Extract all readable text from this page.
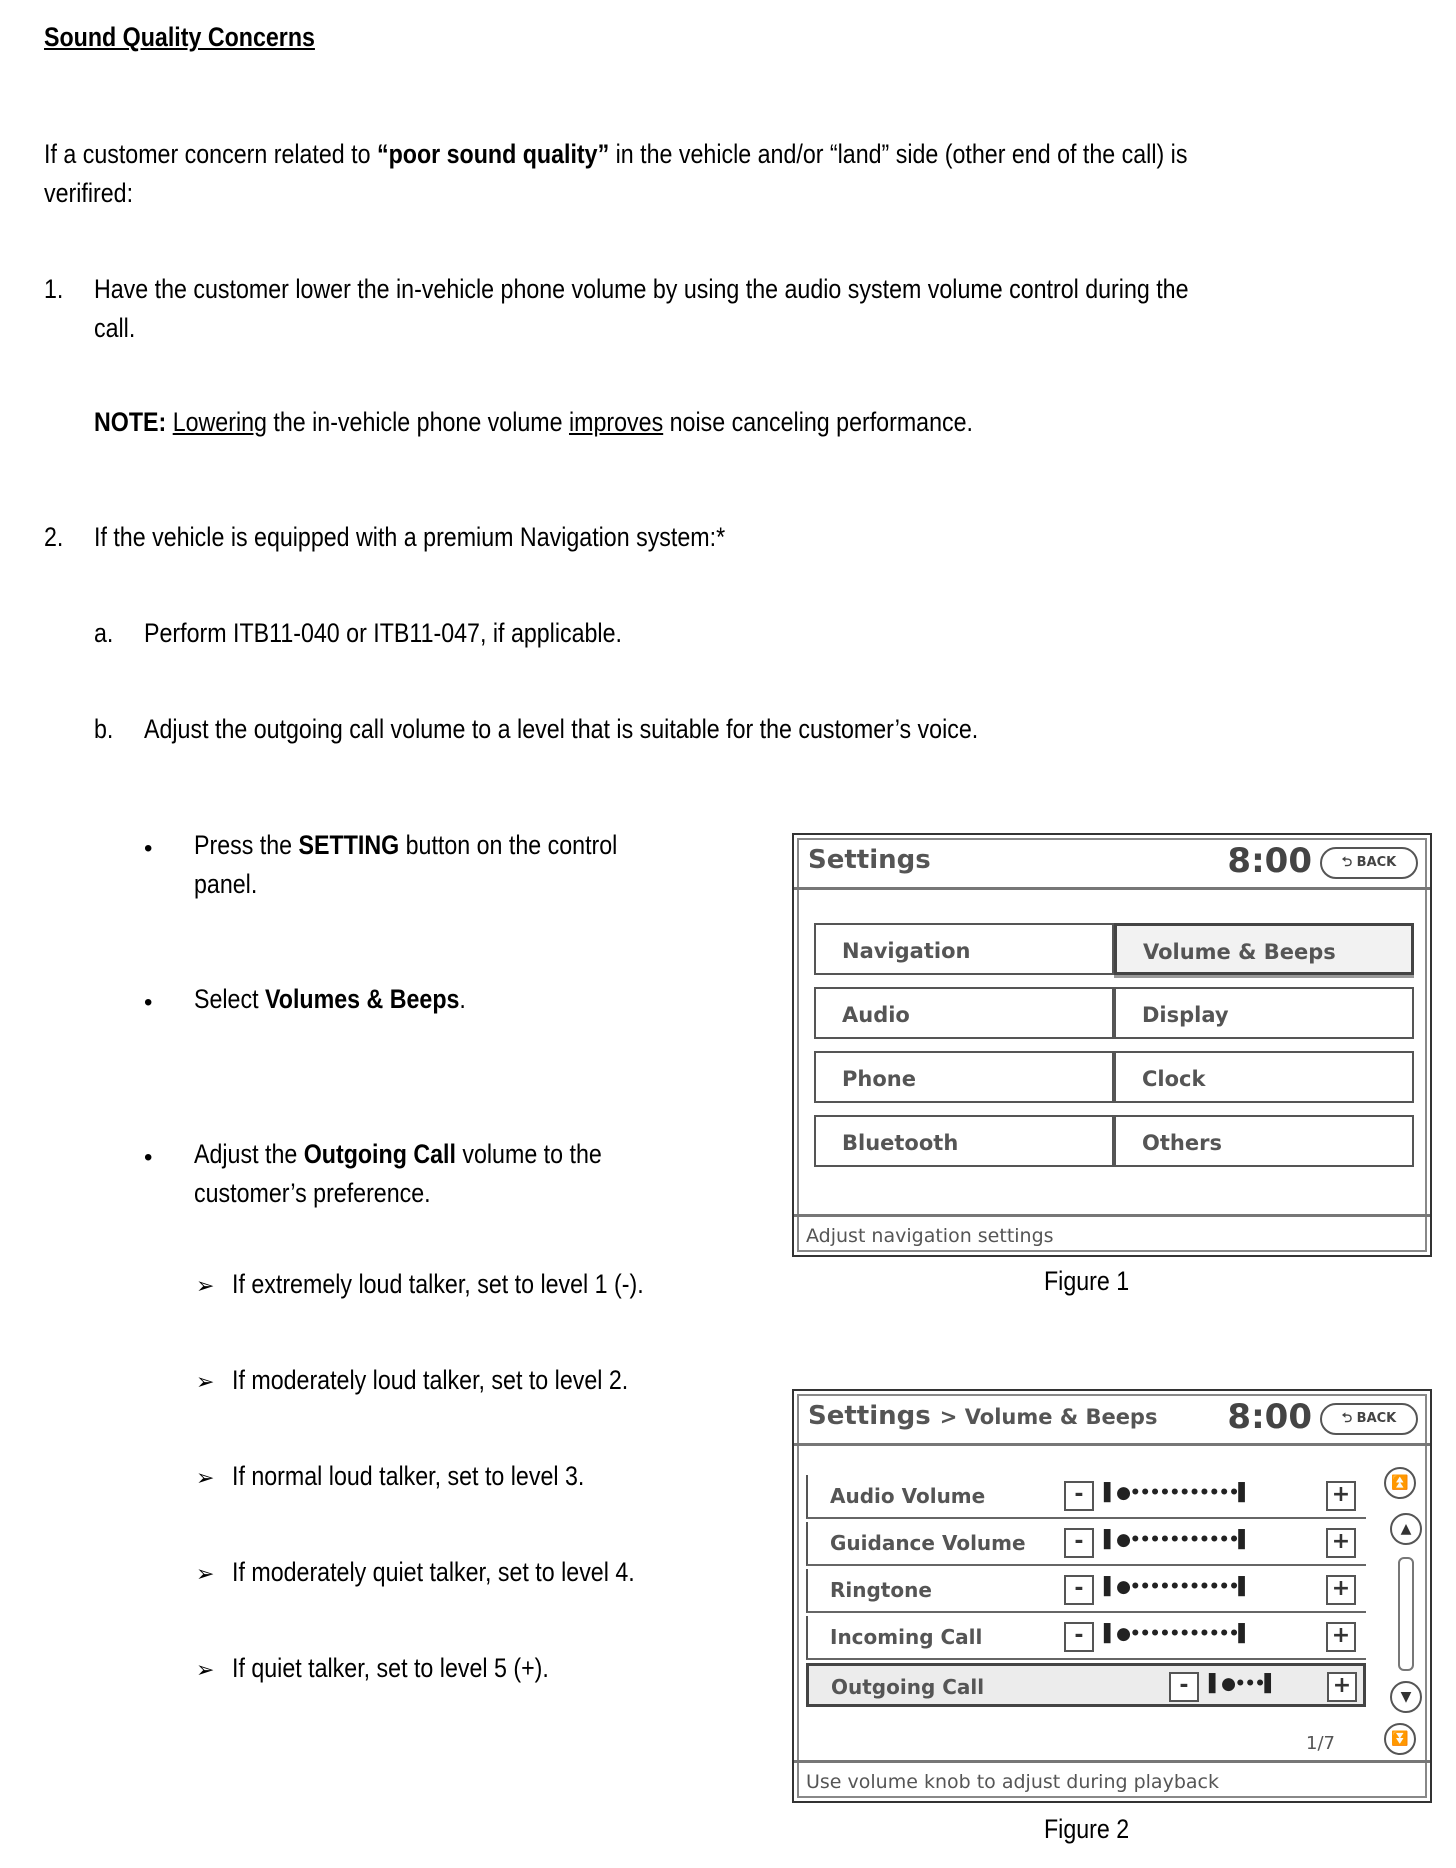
Sound Quality Concerns
If a customer concern related to “poor sound quality” in the vehicle and/or “land” side (other end of the call) is
verifired:
1. Have the customer lower the in-vehicle phone volume by using the audio system volume control during the
call.
NOTE: Lowering the in-vehicle phone volume improves noise canceling performance.
2. If the vehicle is equipped with a premium Navigation system:*
a. Perform ITB11-040 or ITB11-047, if applicable.
b. Adjust the outgoing call volume to a level that is suitable for the customer’s voice.
• Press the SETTING button on the control
panel.
• Select Volumes & Beeps.
• Adjust the Outgoing Call volume to the
customer’s preference.
➢ If extremely loud talker, set to level 1 (-).
➢ If moderately loud talker, set to level 2.
➢ If normal loud talker, set to level 3.
➢ If moderately quiet talker, set to level 4.
➢ If quiet talker, set to level 5 (+).
Settings	8:00	⮌ BACK
Navigation	Volume & Beeps
Audio	Display
Phone	Clock
Bluetooth	Others
Adjust navigation settings
Figure 1
Settings > Volume & Beeps 8:00	⮌ BACK
Audio Volume	-	▌●•••••••••••▌	+
Guidance Volume	-	▌●•••••••••••▌	+
Ringtone	-	▌●•••••••••••▌	+
Incoming Call	-	▌●•••••••••••▌	+
Outgoing Call	-	▌●•••▌	+
1/7
⏫
▲
▼
⏬
Use volume knob to adjust during playback
Figure 2
